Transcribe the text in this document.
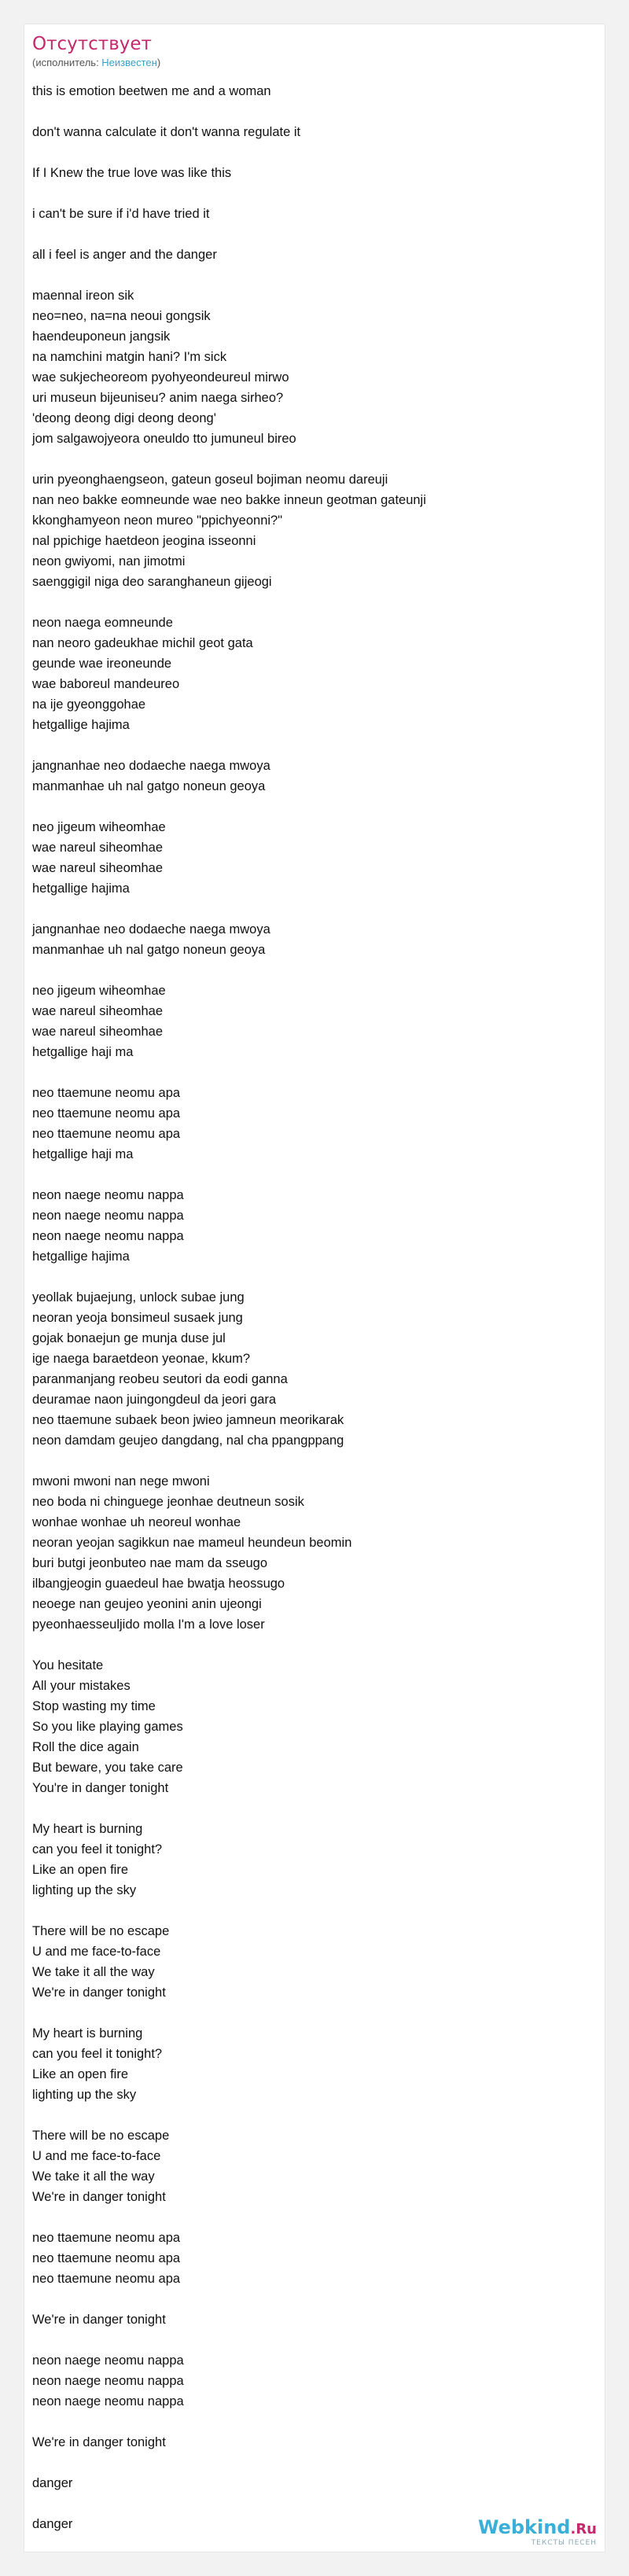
Отсутствует
(исполнитель: Неизвестен)
this is emotion beetwen me and a woman
don't wanna calculate it don't wanna regulate it
If I Knew the true love was like this
i can't be sure if i'd have tried it
all i feel is anger and the danger
maennal ireon sik
neo=neo, na=na neoui gongsik
haendeuponeun jangsik
na namchini matgin hani? I'm sick
wae sukjecheoreom pyohyeondeureul mirwo
uri museun bijeuniseu? anim naega sirheo?
'deong deong digi deong deong'
jom salgawojyeora oneuldo tto jumuneul bireo
urin pyeonghaengseon, gateun goseul bojiman neomu dareuji
nan neo bakke eomneunde wae neo bakke inneun geotman gateunji
kkonghamyeon neon mureo "ppichyeonni?"
nal ppichige haetdeon jeogina isseonni
neon gwiyomi, nan jimotmi
saenggigil niga deo saranghaneun gijeogi
neon naega eomneunde
nan neoro gadeukhae michil geot gata
geunde wae ireoneunde
wae baboreul mandeureo
na ije gyeonggohae
hetgallige hajima
jangnanhae neo dodaeche naega mwoya
manmanhae uh nal gatgo noneun geoya
neo jigeum wiheomhae
wae nareul siheomhae
wae nareul siheomhae
hetgallige hajima
jangnanhae neo dodaeche naega mwoya
manmanhae uh nal gatgo noneun geoya
neo jigeum wiheomhae
wae nareul siheomhae
wae nareul siheomhae
hetgallige haji ma
neo ttaemune neomu apa
neo ttaemune neomu apa
neo ttaemune neomu apa
hetgallige haji ma
neon naege neomu nappa
neon naege neomu nappa
neon naege neomu nappa
hetgallige hajima
yeollak bujaejung, unlock subae jung
neoran yeoja bonsimeul susaek jung
gojak bonaejun ge munja duse jul
ige naega baraetdeon yeonae, kkum?
paranmanjang reobeu seutori da eodi ganna
deuramae naon juingongdeul da jeori gara
neo ttaemune subaek beon jwieo jamneun meorikarak
neon damdam geujeo dangdang, nal cha ppangppang
mwoni mwoni nan nege mwoni
neo boda ni chinguege jeonhae deutneun sosik
wonhae wonhae uh neoreul wonhae
neoran yeojan sagikkun nae mameul heundeun beomin
buri butgi jeonbuteo nae mam da sseugo
ilbangjeogin guaedeul hae bwatja heossugo
neoege nan geujeo yeonini anin ujeongi
pyeonhaesseuljido molla I'm a love loser
You hesitate
All your mistakes
Stop wasting my time
So you like playing games
Roll the dice again
But beware, you take care
You're in danger tonight
My heart is burning
can you feel it tonight?
Like an open fire
lighting up the sky
There will be no escape
U and me face-to-face
We take it all the way
We're in danger tonight
My heart is burning
can you feel it tonight?
Like an open fire
lighting up the sky
There will be no escape
U and me face-to-face
We take it all the way
We're in danger tonight
neo ttaemune neomu apa
neo ttaemune neomu apa
neo ttaemune neomu apa
We're in danger tonight
neon naege neomu nappa
neon naege neomu nappa
neon naege neomu nappa
We're in danger tonight
danger
danger	Webkind.Ru
ТЕКСТЫ ПЕСЕН
